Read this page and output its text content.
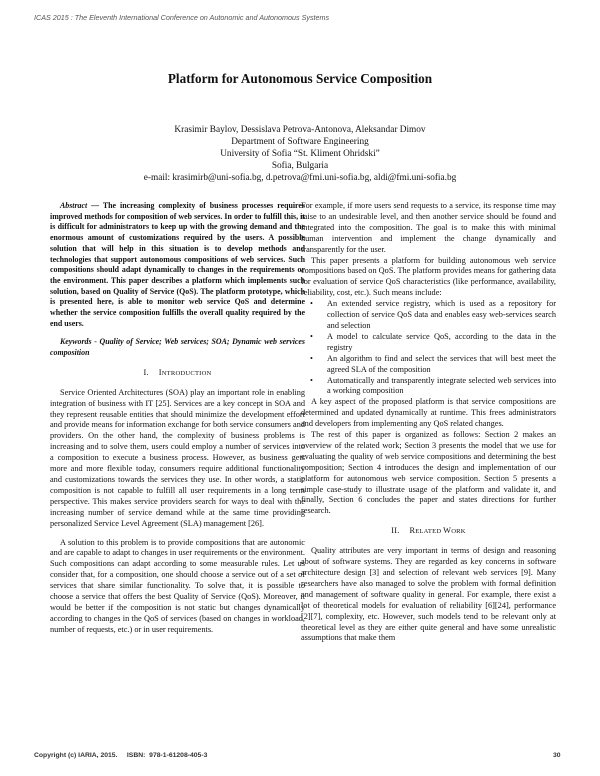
ICAS 2015 : The Eleventh International Conference on Autonomic and Autonomous Systems
Platform for Autonomous Service Composition
Krasimir Baylov, Dessislava Petrova-Antonova, Aleksandar Dimov
Department of Software Engineering
University of Sofia “St. Kliment Ohridski”
Sofia, Bulgaria
e-mail: krasimirb@uni-sofia.bg, d.petrova@fmi.uni-sofia.bg, aldi@fmi.uni-sofia.bg

Abstract — The increasing complexity of business processes requires improved methods for composition of web services. In order to fulfill this, it is difficult for administrators to keep up with the growing demand and the enormous amount of customizations required by the users. A possible solution that will help in this situation is to develop methods and technologies that support autonomous compositions of web services. Such compositions should adapt dynamically to changes in the requirements or the environment. This paper describes a platform which implements such solution, based on Quality of Service (QoS). The platform prototype, which is presented here, is able to monitor web service QoS and determine whether the service composition fulfills the overall quality required by the end users.

Keywords - Quality of Service; Web services; SOA; Dynamic web services composition

I. INTRODUCTION

Service Oriented Architectures (SOA) play an important role in enabling integration of business with IT [25]. Services are a key concept in SOA and they represent reusable entities that should minimize the development effort and provide means for information exchange for both service consumers and providers. On the other hand, the complexity of business problems is increasing and to solve them, users could employ a number of services into a composition to execute a business process. However, as business gets more and more flexible today, consumers require additional functionality and customizations towards the services they use. In other words, a static composition is not capable to fulfill all user requirements in a long term perspective. This makes service providers search for ways to deal with the increasing number of service demand while at the same time providing personalized Service Level Agreement (SLA) management [26].

A solution to this problem is to provide compositions that are autonomic and are capable to adapt to changes in user requirements or the environment. Such compositions can adapt according to some measurable rules. Let us consider that, for a composition, one should choose a service out of a set of services that share similar functionality. To solve that, it is possible to choose a service that offers the best Quality of Service (QoS). Moreover, it would be better if the composition is not static but changes dynamically according to changes in the QoS of services (based on changes in workload, number of requests, etc.) or in user requirements.

For example, if more users send requests to a service, its response time may raise to an undesirable level, and then another service should be found and integrated into the composition. The goal is to make this with minimal human intervention and implement the change dynamically and transparently for the user.

This paper presents a platform for building autonomous web service compositions based on QoS. The platform provides means for gathering data for evaluation of service QoS characteristics (like performance, availability, reliability, cost, etc.). Such means include:

• An extended service registry, which is used as a repository for collection of service QoS data and enables easy web-services search and selection
• A model to calculate service QoS, according to the data in the registry
• An algorithm to find and select the services that will best meet the agreed SLA of the composition
• Automatically and transparently integrate selected web services into a working composition

A key aspect of the proposed platform is that service compositions are determined and updated dynamically at runtime. This frees administrators and developers from implementing any QoS related changes.

The rest of this paper is organized as follows: Section 2 makes an overview of the related work; Section 3 presents the model that we use for evaluating the quality of web service compositions and determining the best composition; Section 4 introduces the design and implementation of our platform for autonomous web service composition. Section 5 presents a simple case-study to illustrate usage of the platform and validate it, and finally, Section 6 concludes the paper and states directions for further research.

II. RELATED WORK

Quality attributes are very important in terms of design and reasoning about of software systems. They are regarded as key concerns in software architecture design [3] and selection of relevant web services [9]. Many researchers have also managed to solve the problem with formal definition and management of software quality in general. For example, there exist a lot of theoretical models for evaluation of reliability [6][24], performance [2][7], complexity, etc. However, such models tend to be relevant only at theoretical level as they are either quite general and have some unrealistic assumptions that make them

Copyright (c) IARIA, 2015.     ISBN:  978-1-61208-405-3	30
